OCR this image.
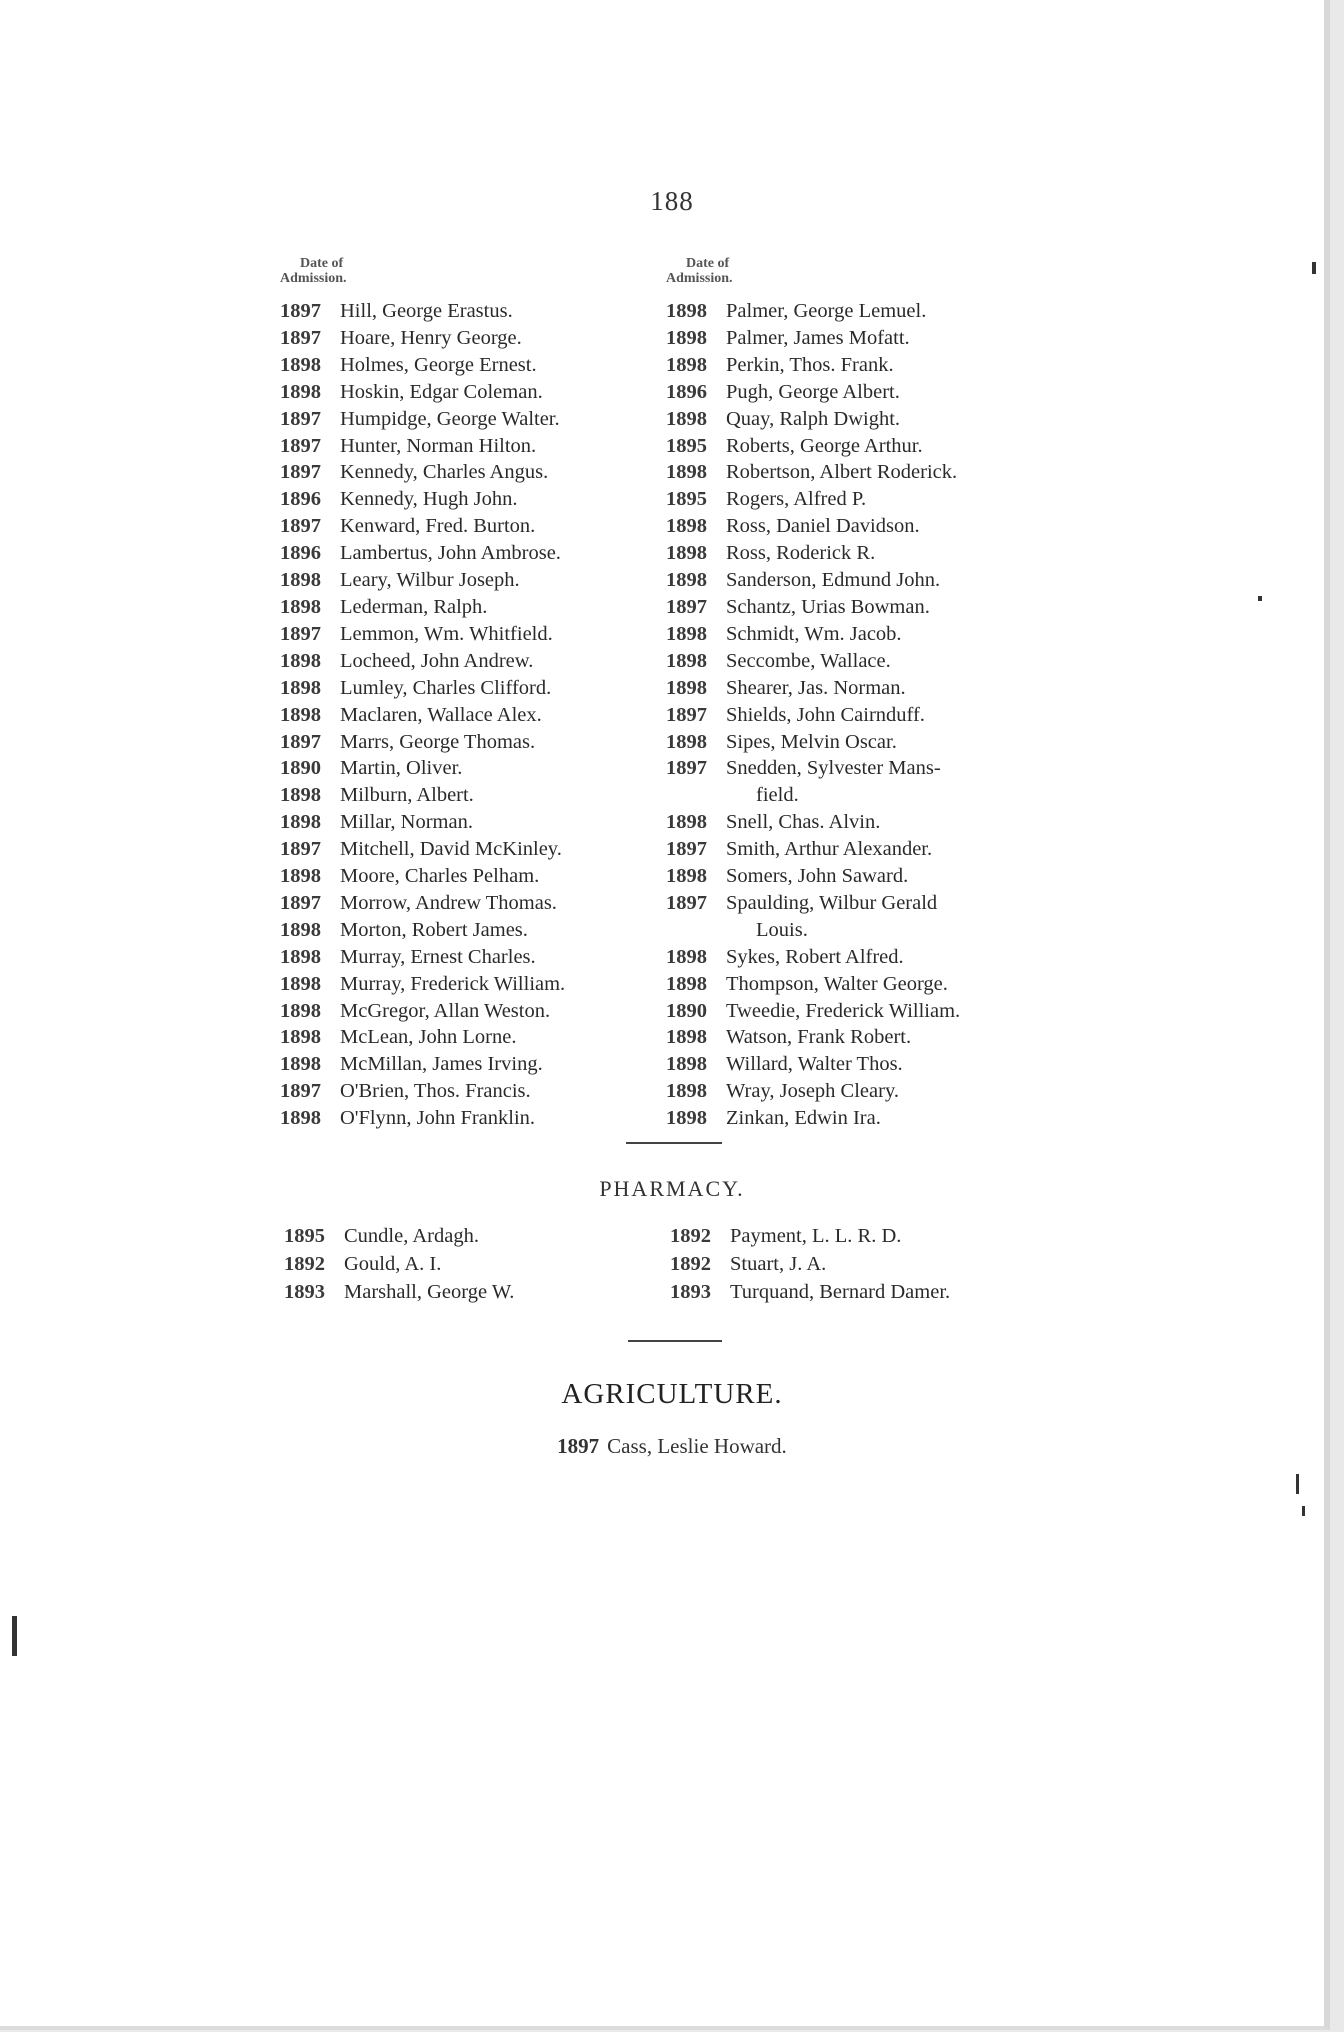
188
Date of
Admission.
1897 Hill, George Erastus.
1897 Hoare, Henry George.
1898 Holmes, George Ernest.
1898 Hoskin, Edgar Coleman.
1897 Humpidge, George Walter.
1897 Hunter, Norman Hilton.
1897 Kennedy, Charles Angus.
1896 Kennedy, Hugh John.
1897 Kenward, Fred. Burton.
1896 Lambertus, John Ambrose.
1898 Leary, Wilbur Joseph.
1898 Lederman, Ralph.
1897 Lemmon, Wm. Whitfield.
1898 Locheed, John Andrew.
1898 Lumley, Charles Clifford.
1898 Maclaren, Wallace Alex.
1897 Marrs, George Thomas.
1890 Martin, Oliver.
1898 Milburn, Albert.
1898 Millar, Norman.
1897 Mitchell, David McKinley.
1898 Moore, Charles Pelham.
1897 Morrow, Andrew Thomas.
1898 Morton, Robert James.
1898 Murray, Ernest Charles.
1898 Murray, Frederick William.
1898 McGregor, Allan Weston.
1898 McLean, John Lorne.
1898 McMillan, James Irving.
1897 O'Brien, Thos. Francis.
1898 O'Flynn, John Franklin.
Date of
Admission.
1898 Palmer, George Lemuel.
1898 Palmer, James Mofatt.
1898 Perkin, Thos. Frank.
1896 Pugh, George Albert.
1898 Quay, Ralph Dwight.
1895 Roberts, George Arthur.
1898 Robertson, Albert Roderick.
1895 Rogers, Alfred P.
1898 Ross, Daniel Davidson.
1898 Ross, Roderick R.
1898 Sanderson, Edmund John.
1897 Schantz, Urias Bowman.
1898 Schmidt, Wm. Jacob.
1898 Seccombe, Wallace.
1898 Shearer, Jas. Norman.
1897 Shields, John Cairnduff.
1898 Sipes, Melvin Oscar.
1897 Snedden, Sylvester Mans-
field.
1898 Snell, Chas. Alvin.
1897 Smith, Arthur Alexander.
1898 Somers, John Saward.
1897 Spaulding, Wilbur Gerald
Louis.
1898 Sykes, Robert Alfred.
1898 Thompson, Walter George.
1890 Tweedie, Frederick William.
1898 Watson, Frank Robert.
1898 Willard, Walter Thos.
1898 Wray, Joseph Cleary.
1898 Zinkan, Edwin Ira.
PHARMACY.
1895 Cundle, Ardagh.
1892 Gould, A. I.
1893 Marshall, George W.
1892 Payment, L. L. R. D.
1892 Stuart, J. A.
1893 Turquand, Bernard Damer.
AGRICULTURE.
1897 Cass, Leslie Howard.
